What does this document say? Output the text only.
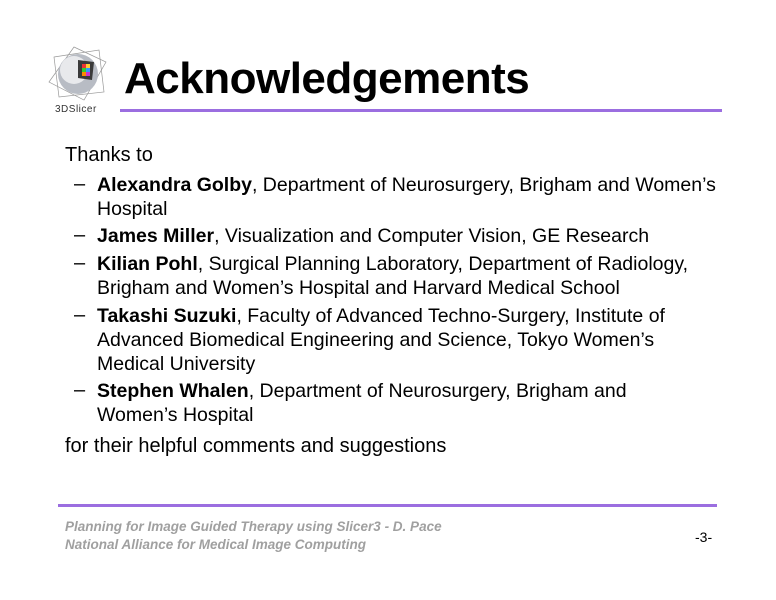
3DSlicer
Acknowledgements
Thanks to
– Alexandra Golby, Department of Neurosurgery, Brigham and Women’s Hospital
– James Miller, Visualization and Computer Vision, GE Research
– Kilian Pohl, Surgical Planning Laboratory, Department of Radiology, Brigham and Women’s Hospital and Harvard Medical School
– Takashi Suzuki, Faculty of Advanced Techno-Surgery, Institute of Advanced Biomedical Engineering and Science, Tokyo Women’s Medical University
– Stephen Whalen, Department of Neurosurgery, Brigham and Women’s Hospital
for their helpful comments and suggestions
Planning for Image Guided Therapy using Slicer3 - D. Pace
National Alliance for Medical Image Computing	-3-
